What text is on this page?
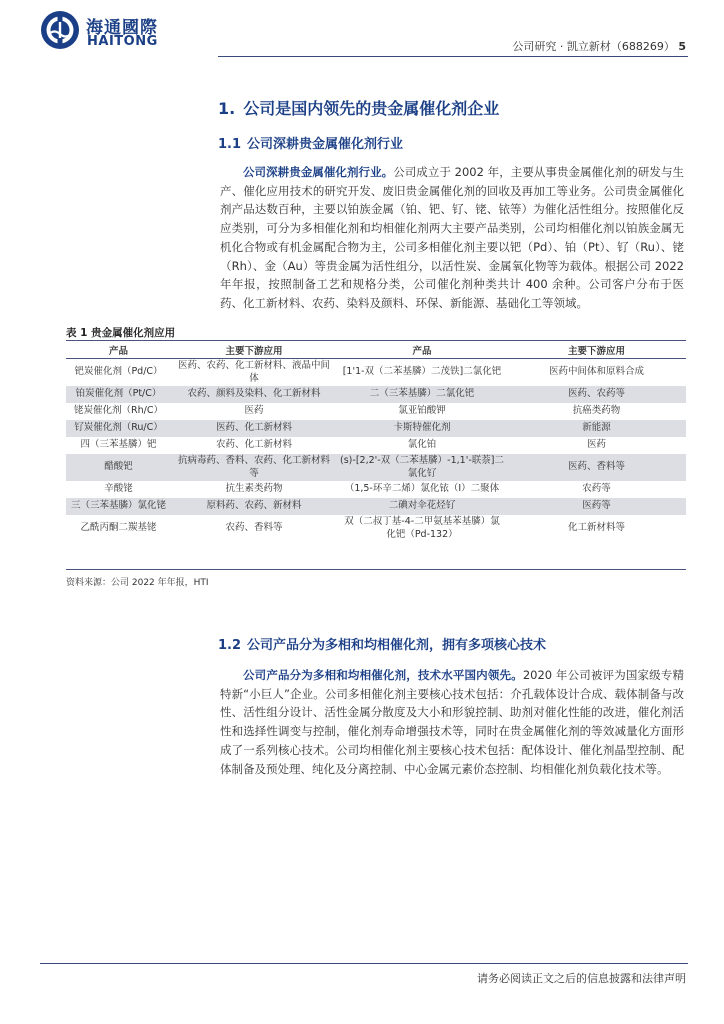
海通國際
HAITONG	公司研究 · 凯立新材（688269） 5
1. 公司是国内领先的贵金属催化剂企业
1.1 公司深耕贵金属催化剂行业
公司深耕贵金属催化剂行业。公司成立于 2002 年，主要从事贵金属催化剂的研发与生产、催化应用技术的研究开发、废旧贵金属催化剂的回收及再加工等业务。公司贵金属催化剂产品达数百种，主要以铂族金属（铂、钯、钌、铑、铱等）为催化活性组分。按照催化反应类别，可分为多相催化剂和均相催化剂两大主要产品类别，公司均相催化剂以铂族金属无机化合物或有机金属配合物为主，公司多相催化剂主要以钯（Pd）、铂（Pt）、钌（Ru）、铑（Rh）、金（Au）等贵金属为活性组分，以活性炭、金属氧化物等为载体。根据公司 2022 年年报，按照制备工艺和规格分类，公司催化剂种类共计 400 余种。公司客户分布于医药、化工新材料、农药、染料及颜料、环保、新能源、基础化工等领域。
表 1 贵金属催化剂应用
产品	主要下游应用	产品	主要下游应用
钯炭催化剂（Pd/C）	医药、农药、化工新材料、液晶中间体	[1'1-双（二苯基膦）二茂铁]二氯化钯	医药中间体和原料合成
铂炭催化剂（Pt/C）	农药、颜料及染料、化工新材料	二（三苯基膦）二氯化钯	医药、农药等
铑炭催化剂（Rh/C）	医药	氯亚铂酸钾	抗癌类药物
钌炭催化剂（Ru/C）	医药、化工新材料	卡斯特催化剂	新能源
四（三苯基膦）钯	农药、化工新材料	氯化铂	医药
醋酸钯	抗病毒药、香料、农药、化工新材料等	(s)-[2,2'-双（二苯基膦）-1,1'-联萘]二氯化钌	医药、香料等
辛酸铑	抗生素类药物	（1,5-环辛二烯）氯化铱（I）二聚体	农药等
三（三苯基膦）氯化铑	原料药、农药、新材料	二碘对伞花烃钌	医药等
乙酰丙酮二羰基铑	农药、香料等	双（二叔丁基-4-二甲氨基苯基膦）氯化钯（Pd-132）	化工新材料等
资料来源：公司 2022 年年报，HTI
1.2 公司产品分为多相和均相催化剂，拥有多项核心技术
公司产品分为多相和均相催化剂，技术水平国内领先。2020 年公司被评为国家级专精特新“小巨人”企业。公司多相催化剂主要核心技术包括：介孔载体设计合成、载体制备与改性、活性组分设计、活性金属分散度及大小和形貌控制、助剂对催化性能的改进，催化剂活性和选择性调变与控制，催化剂寿命增强技术等，同时在贵金属催化剂的等效减量化方面形成了一系列核心技术。公司均相催化剂主要核心技术包括：配体设计、催化剂晶型控制、配体制备及预处理、纯化及分离控制、中心金属元素价态控制、均相催化剂负载化技术等。
请务必阅读正文之后的信息披露和法律声明
